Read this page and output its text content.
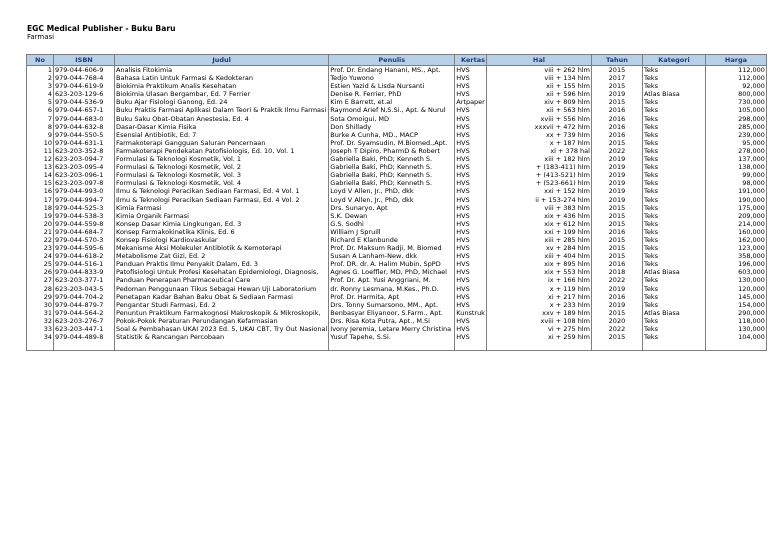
EGC Medical Publisher - Buku Baru
Farmasi
No	ISBN	Judul	Penulis	Kertas	Hal	Tahun	Kategori	Harga
1	979-044-606-9	Analisis Fitokimia	Prof. Dr. Endang Hanani, MS., Apt.	HVS	viii + 262 hlm	2015	Teks	112,000
2	979-044-768-4	Bahasa Latin Untuk Farmasi & Kedokteran	Tedjo Yuwono	HVS	viii + 134 hlm	2017	Teks	112,000
3	979-044-619-9	Biokimia Praktikum Analis Kesehatan	Estien Yazid & Lisda Nursanti	HVS	xii + 155 hlm	2015	Teks	92,000
4	623-203-129-6	Biokimia Ulasan Bergambar, Ed. 7 Ferrier	Denise R. Ferrier, PhD	HVS	xii + 596 hlm	2019	Atlas Biasa	800,000
5	979-044-536-9	Buku Ajar Fisiologi Ganong, Ed. 24	Kim E Barrett, et.al	Artpaper	xiv + 809 hlm	2015	Teks	730,000
6	979-044-657-1	Buku Praktis Farmasi Aplikasi Dalam Teori & Praktik Ilmu Farmasi	Raymond Arief N,S.Si., Apt. & Nurul	HVS	xii + 563 hlm	2016	Teks	105,000
7	979-044-683-0	Buku Saku Obat-Obatan Anestesia, Ed. 4	Sota Omoigui, MD	HVS	xviii + 556 hlm	2016	Teks	298,000
8	979-044-632-8	Dasar-Dasar Kimia Fisika	Don Shillady	HVS	xxxvii + 472 hlm	2016	Teks	285,000
9	979-044-550-5	Esensial Antibiotik, Ed. 7	Burke A Cunha, MD., MACP	HVS	xx + 739 hlm	2016	Teks	239,000
10	979-044-631-1	Farmakoterapi Gangguan Saluran Pencernaan	Prof. Dr. Syamsudin, M.Biomed.,Apt.	HVS	x + 187 hlm	2015	Teks	95,000
11	623-203-352-8	Farmakoterapi Pendekatan Patofisiologis, Ed. 10, Vol. 1	Joseph T Dipiro, PharmD & Robert	HVS	xl + 378 hal	2022	Teks	278,000
12	623-203-094-7	Formulasi & Teknologi Kosmetik, Vol. 1	Gabriella Baki, PhD; Kenneth S.	HVS	xiii + 182 hlm	2019	Teks	137,000
13	623-203-095-4	Formulasi & Teknologi Kosmetik, Vol. 2	Gabriella Baki, PhD; Kenneth S.	HVS	+ (183-411) hlm	2019	Teks	138,000
14	623-203-096-1	Formulasi & Teknologi Kosmetik, Vol. 3	Gabriella Baki, PhD; Kenneth S.	HVS	+ (413-521) hlm	2019	Teks	99,000
15	623-203-097-8	Formulasi & Teknologi Kosmetik, Vol. 4	Gabriella Baki, PhD; Kenneth S.	HVS	+ (523-661) hlm	2019	Teks	98,000
16	979-044-993-0	Ilmu & Teknologi Peracikan Sediaan Farmasi, Ed. 4 Vol. 1	Loyd V Allen, Jr., PhD, dkk	HVS	xxi + 152 hlm	2019	Teks	191,000
17	979-044-994-7	Ilmu & Teknologi Peracikan Sediaan Farmasi, Ed. 4 Vol. 2	Loyd V Allen, Jr., PhD, dkk	HVS	ii + 153-274 hlm	2019	Teks	190,000
18	979-044-525-3	Kimia Farmasi	Drs. Sunaryo, Apt	HVS	viii + 383 hlm	2015	Teks	175,000
19	979-044-538-3	Kimia Organik Farmasi	S.K. Dewan	HVS	xix + 436 hlm	2015	Teks	209,000
20	979-044-559-8	Konsep Dasar Kimia Lingkungan, Ed. 3	G.S. Sodhi	HVS	xix + 612 hlm	2015	Teks	214,000
21	979-044-684-7	Konsep Farmakokinetika Klinis, Ed. 6	William J Spruill	HVS	xxi + 199 hlm	2016	Teks	160,000
22	979-044-570-3	Konsep Fisiologi Kardiovaskular	Richard E Klanbunde	HVS	xiii + 285 hlm	2015	Teks	162,000
23	979-044-595-6	Mekanisme Aksi Molekuler Antibiotik & Kemoterapi	Prof. Dr. Maksum Radji, M. Biomed	HVS	xv + 284 hlm	2015	Teks	123,000
24	979-044-618-2	Metabolisme Zat Gizi, Ed. 2	Susan A Lanham-New, dkk	HVS	xiii + 404 hlm	2015	Teks	358,000
25	979-044-516-1	Panduan Praktis Ilmu Penyakit Dalam, Ed. 3	Prof. DR. dr. A. Halim Mubin, SpPD	HVS	xix + 895 hlm	2016	Teks	196,000
26	979-044-833-9	Patofisiologi Untuk Profesi Kesehatan Epidemiologi, Diagnosis,	Agnes G. Loeffler, MD, PhD, Michael	HVS	xix + 553 hlm	2018	Atlas Biasa	603,000
27	623-203-377-1	Panduan Penerapan Pharmaceutical Care	Prof. Dr. Apt. Yusi Anggriani, M.	HVS	ix + 166 hlm	2022	Teks	130,000
28	623-203-043-5	Pedoman Penggunaan Tikus Sebagai Hewan Uji Laboratorium	dr. Ronny Lesmana, M.Kes., Ph.D.	HVS	x + 119 hlm	2019	Teks	120,000
29	979-044-704-2	Penetapan Kadar Bahan Baku Obat & Sediaan Farmasi	Prof. Dr. Harmita, Apt	HVS	xi + 217 hlm	2016	Teks	145,000
30	979-044-879-7	Pengantar Studi Farmasi, Ed. 2	Drs. Tonny Sumarsono, MM., Apt.	HVS	x + 233 hlm	2019	Teks	154,000
31	979-044-564-2	Penuntun Praktikum Farmakognosi Makroskopik & Mikroskopik,	Benbasyar Eliyanoor, S.Farm., Apt.	Kunstruk	xxv + 189 hlm	2015	Atlas Biasa	290,000
32	623-203-276-7	Pokok-Pokok Peraturan Perundangan Kefarmasian	Drs. Risa Kota Putra, Apt., M.Si	HVS	xviii + 108 hlm	2020	Teks	118,000
33	623-203-447-1	Soal & Pembahasan UKAI 2023 Ed. 5, UKAI CBT, Try Out Nasional	Ivony Jeremia, Letare Merry Christina	HVS	vi + 275 hlm	2022	Teks	130,000
34	979-044-489-8	Statistik & Rancangan Percobaan	Yusuf Tapehe, S.Si.	HVS	xi + 259 hlm	2015	Teks	104,000
